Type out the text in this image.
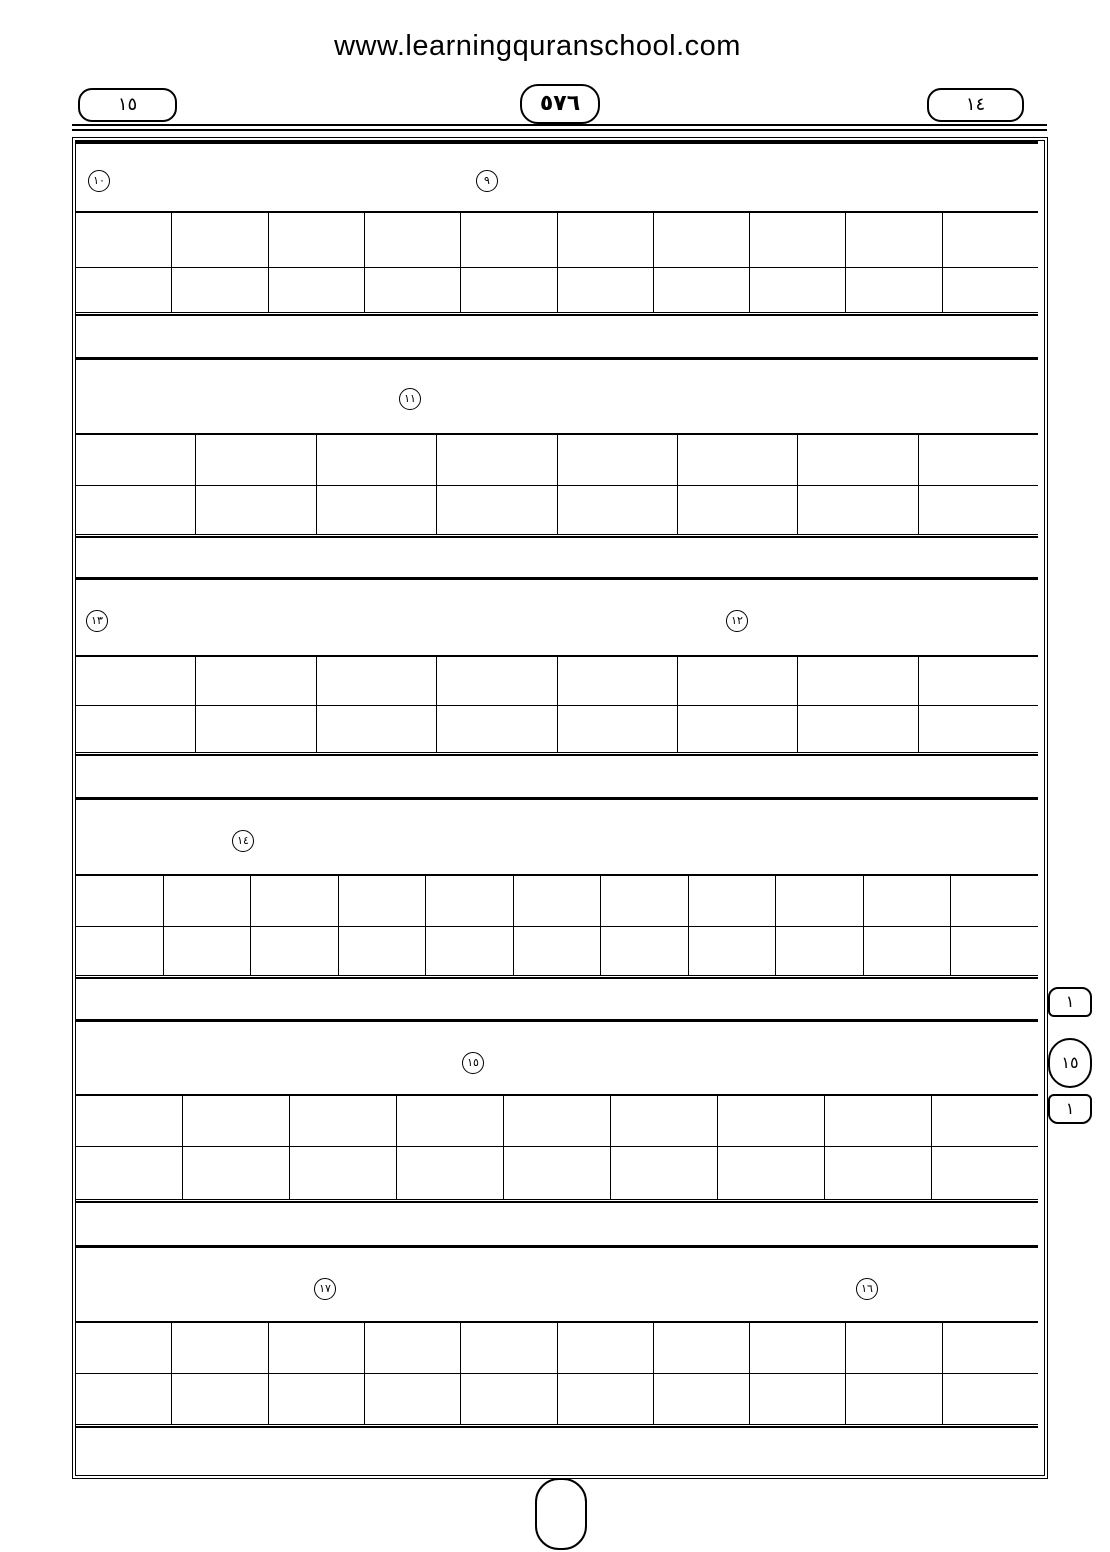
www.learningquranschool.com
١٥	٥٧٦	١٤
٩
١٠
١١
١٢
١٣
١٤
١٥
١٦
١٧
١
١٥
١
